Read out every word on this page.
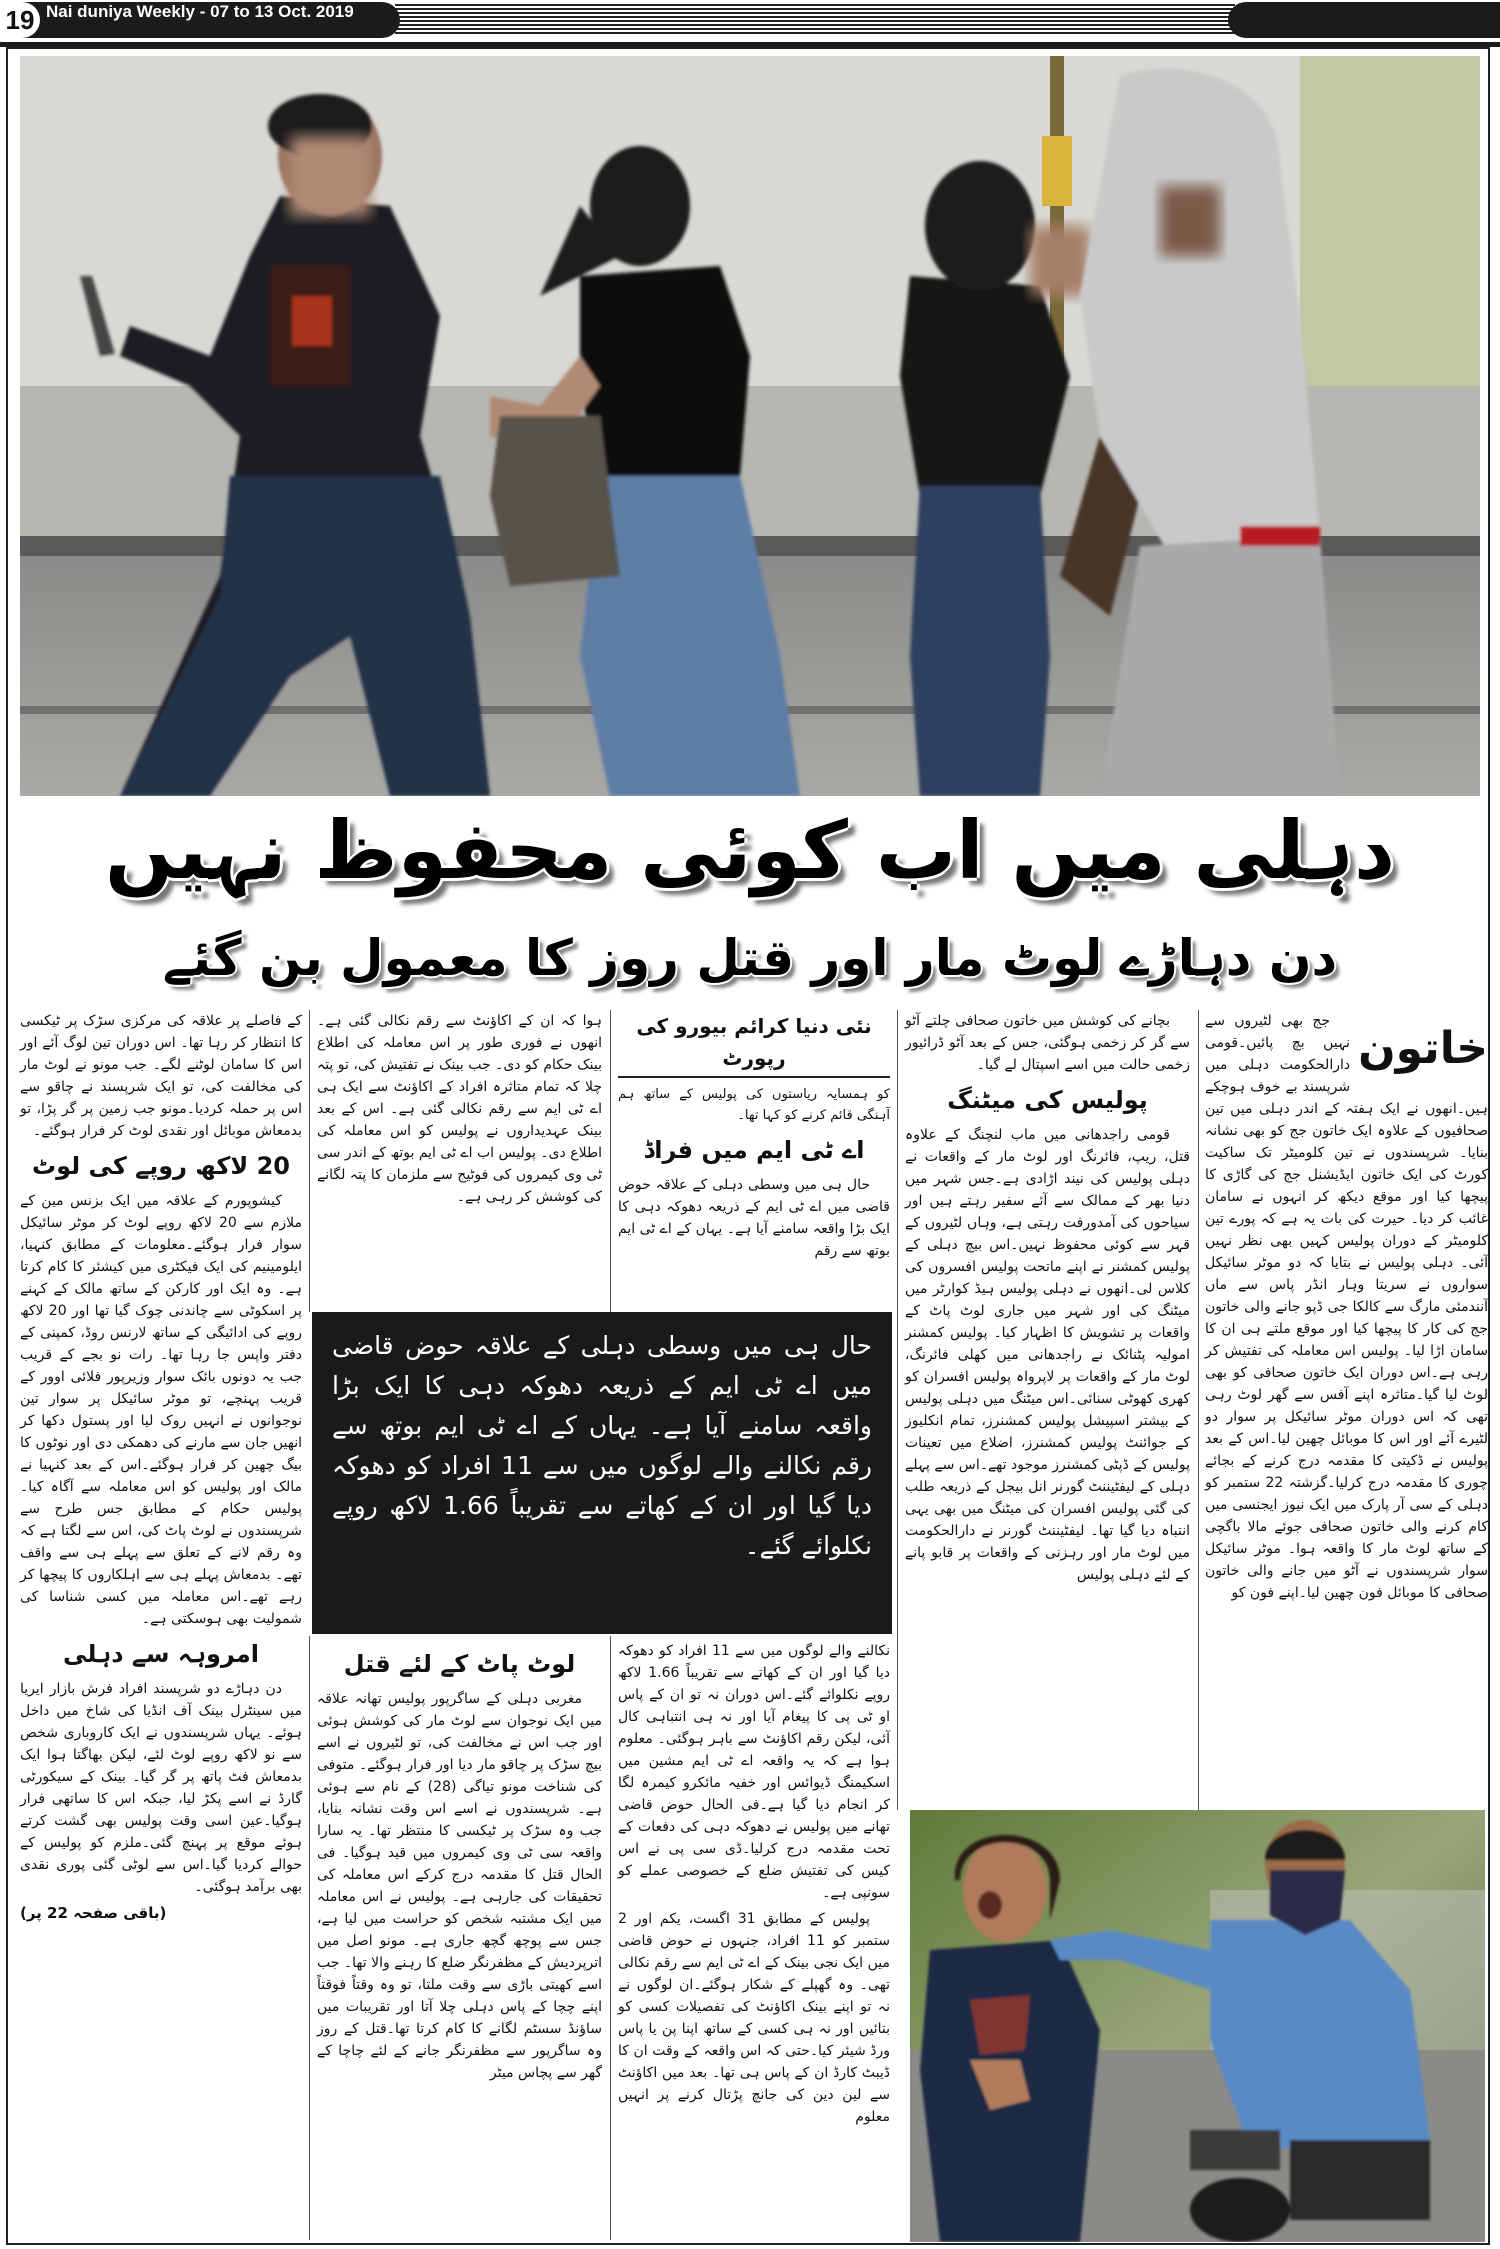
19 Nai duniya Weekly - 07 to 13 Oct. 2019
دہلی میں اب کوئی محفوظ نہیں
دن دہاڑے لوٹ مار اور قتل روز کا معمول بن گئے
خاتون

جج بھی لٹیروں سے نہیں بچ پائیں۔قومی دارالحکومت دہلی میں شرپسند بے خوف ہوچکے ہیں۔انھوں نے ایک ہفتہ کے اندر دہلی میں تین صحافیوں کے علاوہ ایک خاتون جج کو بھی نشانہ بنایا۔ شرپسندوں نے تین کلومیٹر تک ساکیت کورٹ کی ایک خاتون ایڈیشنل جج کی گاڑی کا پیچھا کیا اور موقع دیکھ کر انہوں نے سامان غائب کر دیا۔ حیرت کی بات یہ ہے کہ پورے تین کلومیٹر کے دوران پولیس کہیں بھی نظر نہیں آئی۔ دہلی پولیس نے بتایا کہ دو موٹر سائیکل سواروں نے سریتا وہار انڈر پاس سے ماں آنندمئی مارگ سے کالکا جی ڈپو جانے والی خاتون جج کی کار کا پیچھا کیا اور موقع ملتے ہی ان کا سامان اڑا لیا۔ پولیس اس معاملہ کی تفتیش کر رہی ہے۔اس دوران ایک خاتون صحافی کو بھی لوٹ لیا گیا۔متاثرہ اپنے آفس سے گھر لوٹ رہی تھی کہ اس دوران موٹر سائیکل پر سوار دو لٹیرے آئے اور اس کا موبائل چھین لیا۔اس کے بعد پولیس نے ڈکیتی کا مقدمہ درج کرنے کے بجائے چوری کا مقدمہ درج کرلیا۔گزشتہ 22 ستمبر کو دہلی کے سی آر پارک میں ایک نیوز ایجنسی میں کام کرنے والی خاتون صحافی جوئے مالا باگچی کے ساتھ لوٹ مار کا واقعہ ہوا۔ موٹر سائیکل سوار شرپسندوں نے آٹو میں جانے والی خاتون صحافی کا موبائل فون چھین لیا۔اپنے فون کو

بچانے کی کوشش میں خاتون صحافی چلتے آٹو سے گر کر زخمی ہوگئی، جس کے بعد آٹو ڈرائیور زخمی حالت میں اسے اسپتال لے گیا۔

پولیس کی میٹنگ

قومی راجدھانی میں ماب لنچنگ کے علاوہ قتل، ریپ، فائرنگ اور لوٹ مار کے واقعات نے دہلی پولیس کی نیند اڑادی ہے۔جس شہر میں دنیا بھر کے ممالک سے آئے سفیر رہتے ہیں اور سیاحوں کی آمدورفت رہتی ہے، وہاں لٹیروں کے قہر سے کوئی محفوظ نہیں۔اس بیچ دہلی کے پولیس کمشنر نے اپنے ماتحت پولیس افسروں کی کلاس لی۔انھوں نے دہلی پولیس ہیڈ کوارٹر میں میٹنگ کی اور شہر میں جاری لوٹ پاٹ کے واقعات پر تشویش کا اظہار کیا۔ پولیس کمشنر امولیہ پٹنائک نے راجدھانی میں کھلی فائرنگ، لوٹ مار کے واقعات پر لاپرواہ پولیس افسران کو کھری کھوٹی سنائی۔اس میٹنگ میں دہلی پولیس کے بیشتر اسپیشل پولیس کمشنرز، تمام انکلیوز کے جوائنٹ پولیس کمشنرز، اضلاع میں تعینات پولیس کے ڈپٹی کمشنرز موجود تھے۔اس سے پہلے دہلی کے لیفٹیننٹ گورنر انل بیجل کے ذریعہ طلب کی گئی پولیس افسران کی میٹنگ میں بھی یہی انتباہ دیا گیا تھا۔ لیفٹیننٹ گورنر نے دارالحکومت میں لوٹ مار اور رہزنی کے واقعات پر قابو پانے کے لئے دہلی پولیس

نئی دنیا کرائم بیورو کی رپورٹ

کو ہمسایہ ریاستوں کی پولیس کے ساتھ ہم آہنگی قائم کرنے کو کہا تھا۔

اے ٹی ایم میں فراڈ

حال ہی میں وسطی دہلی کے علاقہ حوض قاضی میں اے ٹی ایم کے ذریعہ دھوکہ دہی کا ایک بڑا واقعہ سامنے آیا ہے۔ یہاں کے اے ٹی ایم بوتھ سے رقم

نکالنے والے لوگوں میں سے 11 افراد کو دھوکہ دیا گیا اور ان کے کھاتے سے تقریباً 1.66 لاکھ روپے نکلوائے گئے۔اس دوران نہ تو ان کے پاس او ٹی پی کا پیغام آیا اور نہ ہی انتباہی کال آئی، لیکن رقم اکاؤنٹ سے باہر ہوگئی۔ معلوم ہوا ہے کہ یہ واقعہ اے ٹی ایم مشین میں اسکیمنگ ڈیوائس اور خفیہ مائکرو کیمرہ لگا کر انجام دیا گیا ہے۔فی الحال حوض قاضی تھانے میں پولیس نے دھوکہ دہی کی دفعات کے تحت مقدمہ درج کرلیا۔ڈی سی پی نے اس کیس کی تفتیش ضلع کے خصوصی عملے کو سونپی ہے۔

پولیس کے مطابق 31 اگست، یکم اور 2 ستمبر کو 11 افراد، جنہوں نے حوض قاضی میں ایک نجی بینک کے اے ٹی ایم سے رقم نکالی تھی۔ وہ گھپلے کے شکار ہوگئے۔ان لوگوں نے نہ تو اپنے بینک اکاؤنٹ کی تفصیلات کسی کو بتائیں اور نہ ہی کسی کے ساتھ اپنا پن یا پاس ورڈ شیئر کیا۔حتی کہ اس واقعہ کے وقت ان کا ڈیبٹ کارڈ ان کے پاس ہی تھا۔ بعد میں اکاؤنٹ سے لین دین کی جانچ پڑتال کرنے پر انہیں معلوم

ہوا کہ ان کے اکاؤنٹ سے رقم نکالی گئی ہے۔انھوں نے فوری طور پر اس معاملہ کی اطلاع بینک حکام کو دی۔ جب بینک نے تفتیش کی، تو پتہ چلا کہ تمام متاثرہ افراد کے اکاؤنٹ سے ایک ہی اے ٹی ایم سے رقم نکالی گئی ہے۔ اس کے بعد بینک عہدیداروں نے پولیس کو اس معاملہ کی اطلاع دی۔ پولیس اب اے ٹی ایم بوتھ کے اندر سی ٹی وی کیمروں کی فوٹیج سے ملزمان کا پتہ لگانے کی کوشش کر رہی ہے۔

لوٹ پاٹ کے لئے قتل

مغربی دہلی کے ساگرپور پولیس تھانہ علاقہ میں ایک نوجوان سے لوٹ مار کی کوشش ہوئی اور جب اس نے مخالفت کی، تو لٹیروں نے اسے بیچ سڑک پر چاقو مار دیا اور فرار ہوگئے۔ متوفی کی شناخت مونو تیاگی (28) کے نام سے ہوئی ہے۔ شرپسندوں نے اسے اس وقت نشانہ بنایا، جب وہ سڑک پر ٹیکسی کا منتظر تھا۔ یہ سارا واقعہ سی ٹی وی کیمروں میں قید ہوگیا۔ فی الحال قتل کا مقدمہ درج کرکے اس معاملہ کی تحقیقات کی جارہی ہے۔ پولیس نے اس معاملہ میں ایک مشتبہ شخص کو حراست میں لیا ہے، جس سے پوچھ گچھ جاری ہے۔ مونو اصل میں اترپردیش کے مظفرنگر ضلع کا رہنے والا تھا۔ جب اسے کھیتی باڑی سے وقت ملتا، تو وہ وقتاً فوقتاً اپنے چچا کے پاس دہلی چلا آتا اور تقریبات میں ساؤنڈ سسٹم لگانے کا کام کرتا تھا۔قتل کے روز وہ ساگرپور سے مظفرنگر جانے کے لئے چاچا کے گھر سے پچاس میٹر

کے فاصلے پر علاقہ کی مرکزی سڑک پر ٹیکسی کا انتظار کر رہا تھا۔ اس دوران تین لوگ آئے اور اس کا سامان لوٹنے لگے۔ جب مونو نے لوٹ مار کی مخالفت کی، تو ایک شرپسند نے چاقو سے اس پر حملہ کردیا۔مونو جب زمین پر گر پڑا، تو بدمعاش موبائل اور نقدی لوٹ کر فرار ہوگئے۔

20 لاکھ روپے کی لوٹ

کیشوپورم کے علاقہ میں ایک بزنس مین کے ملازم سے 20 لاکھ روپے لوٹ کر موٹر سائیکل سوار فرار ہوگئے۔معلومات کے مطابق کنہیا، ایلومینیم کی ایک فیکٹری میں کیشئر کا کام کرتا ہے۔ وہ ایک اور کارکن کے ساتھ مالک کے کہنے پر اسکوٹی سے چاندنی چوک گیا تھا اور 20 لاکھ روپے کی ادائیگی کے ساتھ لارنس روڈ، کمپنی کے دفتر واپس جا رہا تھا۔ رات نو بجے کے قریب جب یہ دونوں بائک سوار وزیرپور فلائی اوور کے قریب پہنچے، تو موٹر سائیکل پر سوار تین نوجوانوں نے انہیں روک لیا اور پستول دکھا کر انھیں جان سے مارنے کی دھمکی دی اور نوٹوں کا بیگ چھین کر فرار ہوگئے۔اس کے بعد کنہیا نے مالک اور پولیس کو اس معاملہ سے آگاہ کیا۔ پولیس حکام کے مطابق جس طرح سے شرپسندوں نے لوٹ پاٹ کی، اس سے لگتا ہے کہ وہ رقم لانے کے تعلق سے پہلے ہی سے واقف تھے۔ بدمعاش پہلے ہی سے اہلکاروں کا پیچھا کر رہے تھے۔اس معاملہ میں کسی شناسا کی شمولیت بھی ہوسکتی ہے۔

امروہہ سے دہلی

دن دہاڑے دو شرپسند افراد فرش بازار ایریا میں سینٹرل بینک آف انڈیا کی شاخ میں داخل ہوئے۔ یہاں شرپسندوں نے ایک کاروباری شخص سے نو لاکھ روپے لوٹ لئے، لیکن بھاگتا ہوا ایک بدمعاش فٹ پاتھ پر گر گیا۔ بینک کے سیکورٹی گارڈ نے اسے پکڑ لیا، جبکہ اس کا ساتھی فرار ہوگیا۔عین اسی وقت پولیس بھی گشت کرتے ہوئے موقع پر پہنچ گئی۔ملزم کو پولیس کے حوالے کردیا گیا۔اس سے لوٹی گئی پوری نقدی بھی برآمد ہوگئی۔

(باقی صفحہ 22 پر)
حال ہی میں وسطی دہلی کے علاقہ حوض قاضی میں اے ٹی ایم کے ذریعہ دھوکہ دہی کا ایک بڑا واقعہ سامنے آیا ہے۔ یہاں کے اے ٹی ایم بوتھ سے رقم نکالنے والے لوگوں میں سے 11 افراد کو دھوکہ دیا گیا اور ان کے کھاتے سے تقریباً 1.66 لاکھ روپے نکلوائے گئے۔
